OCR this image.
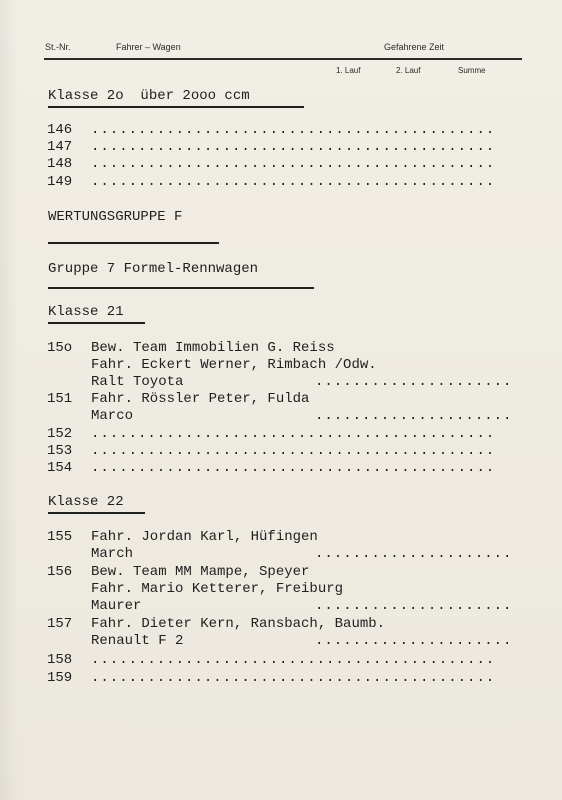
St.-Nr.	Fahrer – Wagen	Gefahrene Zeit
1. Lauf	2. Lauf	Summe
Klasse 2o  über 2ooo ccm
146 ...........................................
147 ...........................................
148 ...........................................
149 ...........................................
WERTUNGSGRUPPE F
Gruppe 7 Formel-Rennwagen
Klasse 21
15o Bew. Team Immobilien G. Reiss
Fahr. Eckert Werner, Rimbach /Odw.
Ralt Toyota	.....................
151 Fahr. Rössler Peter, Fulda
Marco	.....................
152 ...........................................
153 ...........................................
154 ...........................................
Klasse 22
155 Fahr. Jordan Karl, Hüfingen
March	.....................
156 Bew. Team MM Mampe, Speyer
Fahr. Mario Ketterer, Freiburg
Maurer	.....................
157 Fahr. Dieter Kern, Ransbach, Baumb.
Renault F 2	.....................
158 ...........................................
159 ...........................................
